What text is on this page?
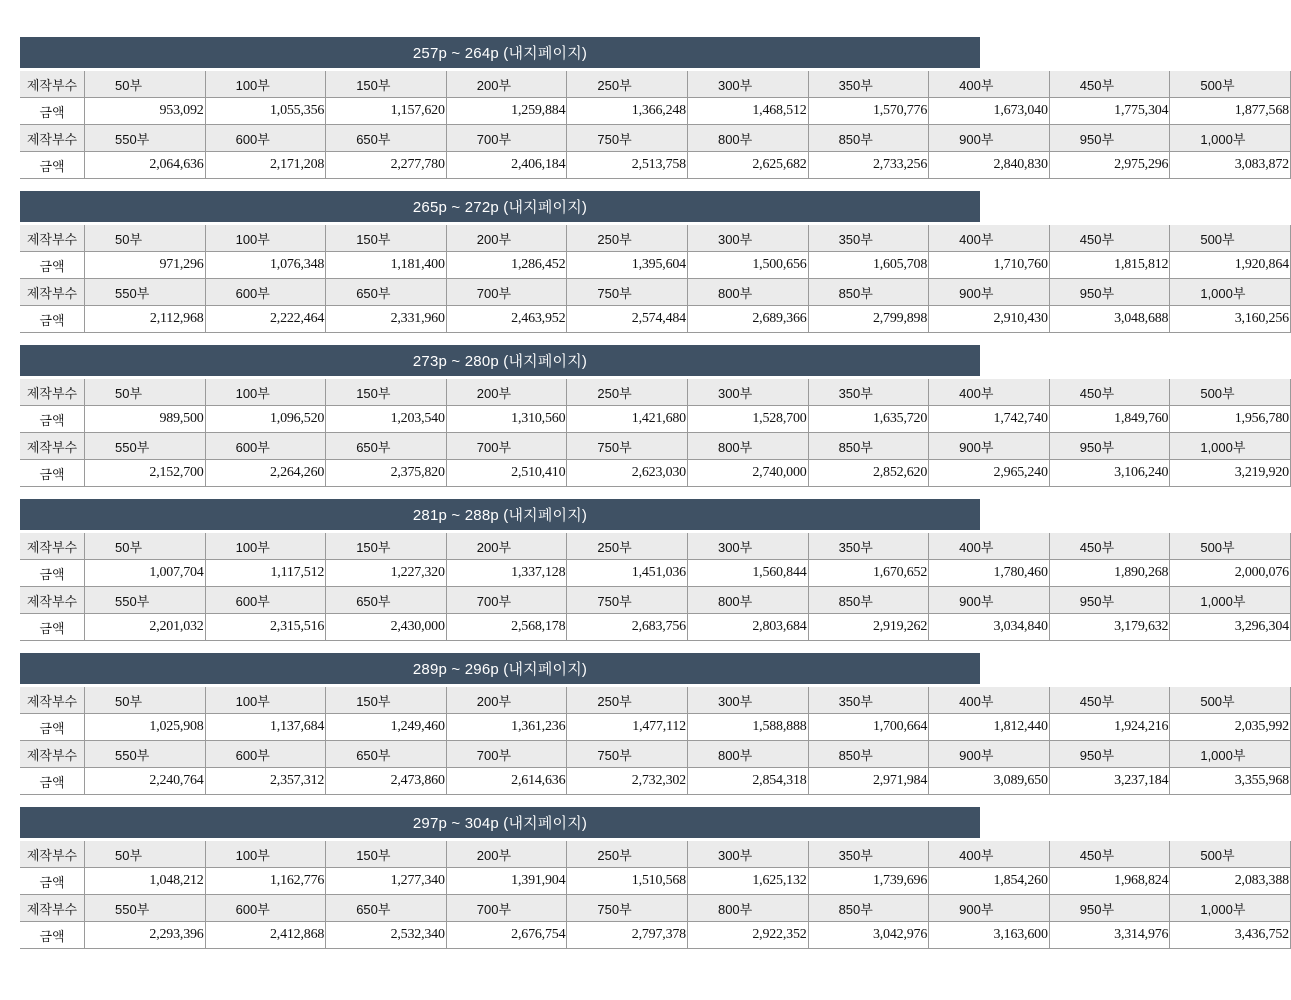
257p ~ 264p (내지페이지)
제작부수	50부	100부	150부	200부	250부	300부	350부	400부	450부	500부
금액	953,092	1,055,356	1,157,620	1,259,884	1,366,248	1,468,512	1,570,776	1,673,040	1,775,304	1,877,568
제작부수	550부	600부	650부	700부	750부	800부	850부	900부	950부	1,000부
금액	2,064,636	2,171,208	2,277,780	2,406,184	2,513,758	2,625,682	2,733,256	2,840,830	2,975,296	3,083,872
265p ~ 272p (내지페이지)
제작부수	50부	100부	150부	200부	250부	300부	350부	400부	450부	500부
금액	971,296	1,076,348	1,181,400	1,286,452	1,395,604	1,500,656	1,605,708	1,710,760	1,815,812	1,920,864
제작부수	550부	600부	650부	700부	750부	800부	850부	900부	950부	1,000부
금액	2,112,968	2,222,464	2,331,960	2,463,952	2,574,484	2,689,366	2,799,898	2,910,430	3,048,688	3,160,256
273p ~ 280p (내지페이지)
제작부수	50부	100부	150부	200부	250부	300부	350부	400부	450부	500부
금액	989,500	1,096,520	1,203,540	1,310,560	1,421,680	1,528,700	1,635,720	1,742,740	1,849,760	1,956,780
제작부수	550부	600부	650부	700부	750부	800부	850부	900부	950부	1,000부
금액	2,152,700	2,264,260	2,375,820	2,510,410	2,623,030	2,740,000	2,852,620	2,965,240	3,106,240	3,219,920
281p ~ 288p (내지페이지)
제작부수	50부	100부	150부	200부	250부	300부	350부	400부	450부	500부
금액	1,007,704	1,117,512	1,227,320	1,337,128	1,451,036	1,560,844	1,670,652	1,780,460	1,890,268	2,000,076
제작부수	550부	600부	650부	700부	750부	800부	850부	900부	950부	1,000부
금액	2,201,032	2,315,516	2,430,000	2,568,178	2,683,756	2,803,684	2,919,262	3,034,840	3,179,632	3,296,304
289p ~ 296p (내지페이지)
제작부수	50부	100부	150부	200부	250부	300부	350부	400부	450부	500부
금액	1,025,908	1,137,684	1,249,460	1,361,236	1,477,112	1,588,888	1,700,664	1,812,440	1,924,216	2,035,992
제작부수	550부	600부	650부	700부	750부	800부	850부	900부	950부	1,000부
금액	2,240,764	2,357,312	2,473,860	2,614,636	2,732,302	2,854,318	2,971,984	3,089,650	3,237,184	3,355,968
297p ~ 304p (내지페이지)
제작부수	50부	100부	150부	200부	250부	300부	350부	400부	450부	500부
금액	1,048,212	1,162,776	1,277,340	1,391,904	1,510,568	1,625,132	1,739,696	1,854,260	1,968,824	2,083,388
제작부수	550부	600부	650부	700부	750부	800부	850부	900부	950부	1,000부
금액	2,293,396	2,412,868	2,532,340	2,676,754	2,797,378	2,922,352	3,042,976	3,163,600	3,314,976	3,436,752
